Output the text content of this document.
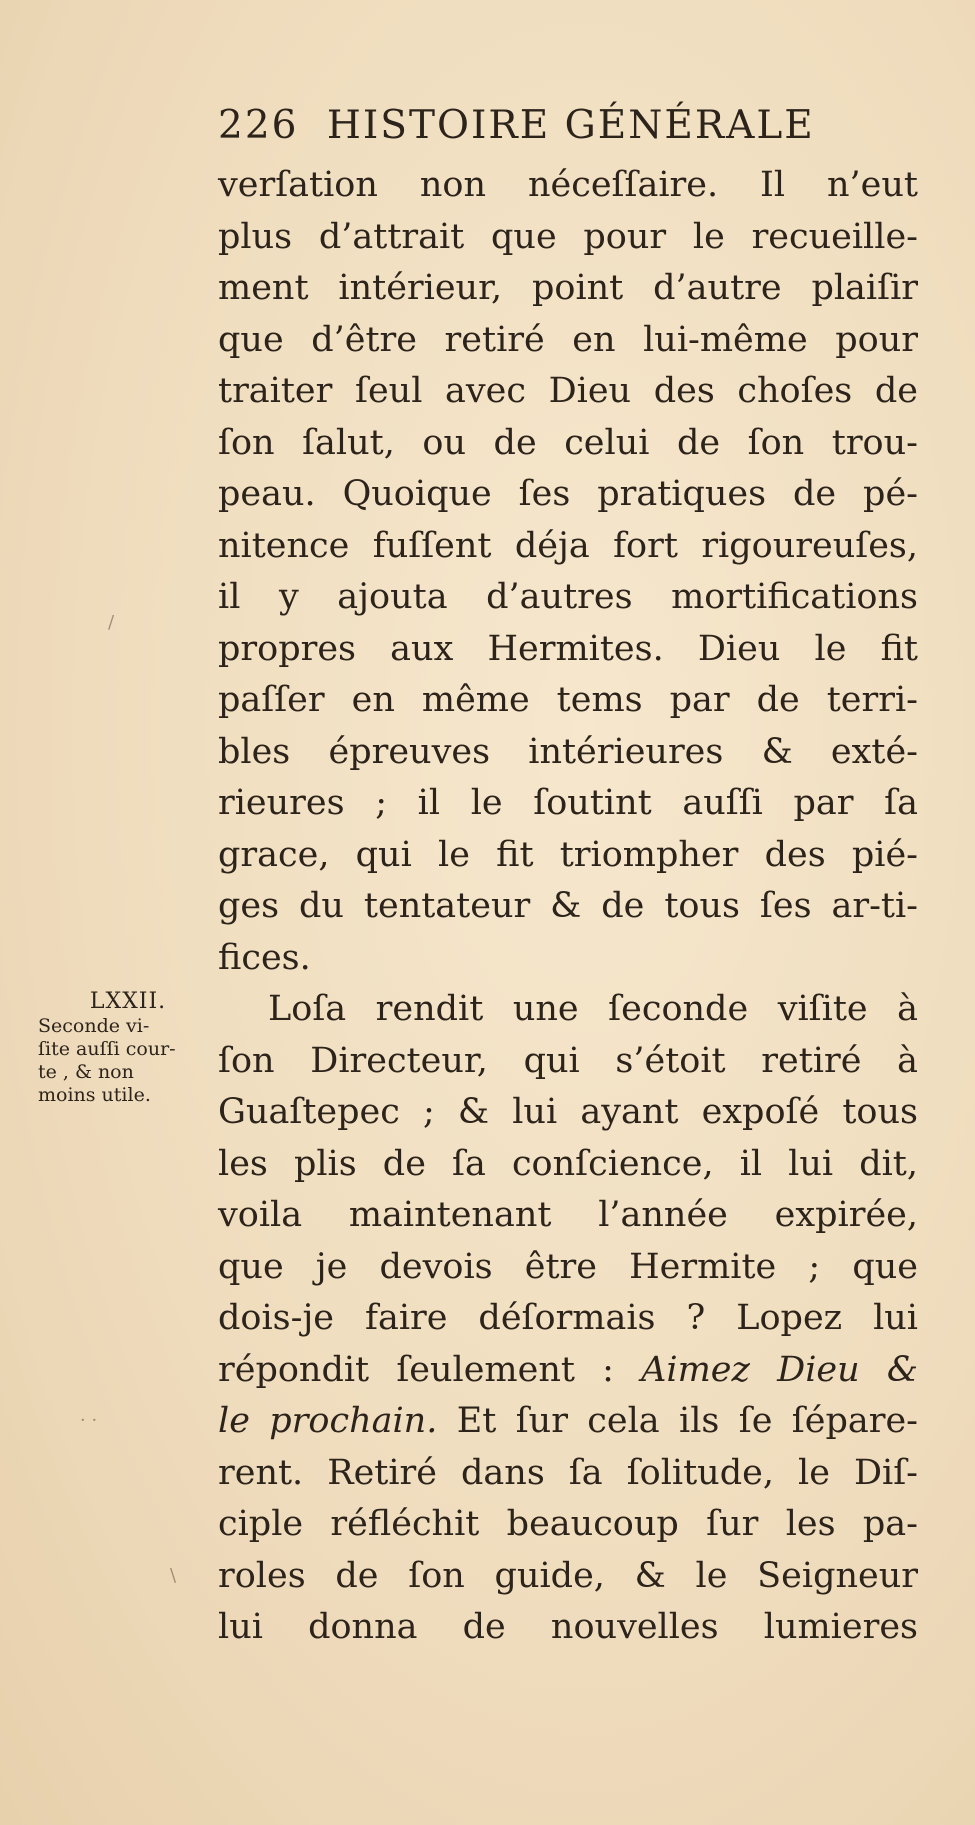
226 HISTOIRE GÉNÉRALE
LXXII.
Seconde vi-
ſite auſſi cour-
te , & non
moins utile.
verſation non néceſſaire. Il n’eut
plus d’attrait que pour le recueille-
ment intérieur, point d’autre plaiſir
que d’être retiré en lui-même pour
traiter ſeul avec Dieu des choſes de
ſon ſalut, ou de celui de ſon trou-
peau. Quoique ſes pratiques de pé-
nitence fuſſent déja fort rigoureuſes,
il y ajouta d’autres mortifications
propres aux Hermites. Dieu le fit
paſſer en même tems par de terri-
bles épreuves intérieures & exté-
rieures ; il le ſoutint auſſi par ſa
grace, qui le fit triompher des pié-
ges du tentateur & de tous ſes ar-ti-
fices.
Loſa rendit une ſeconde viſite à
ſon Directeur, qui s’étoit retiré à
Guaſtepec ; & lui ayant expoſé tous
les plis de ſa conſcience, il lui dit,
voila maintenant l’année expirée,
que je devois être Hermite ; que
dois-je faire déſormais ? Lopez lui
répondit ſeulement : Aimez Dieu &
le prochain. Et ſur cela ils ſe ſépare-
rent. Retiré dans ſa ſolitude, le Diſ-
ciple réfléchit beaucoup ſur les pa-
roles de ſon guide, & le Seigneur
lui donna de nouvelles lumieres
/
· ·
\
